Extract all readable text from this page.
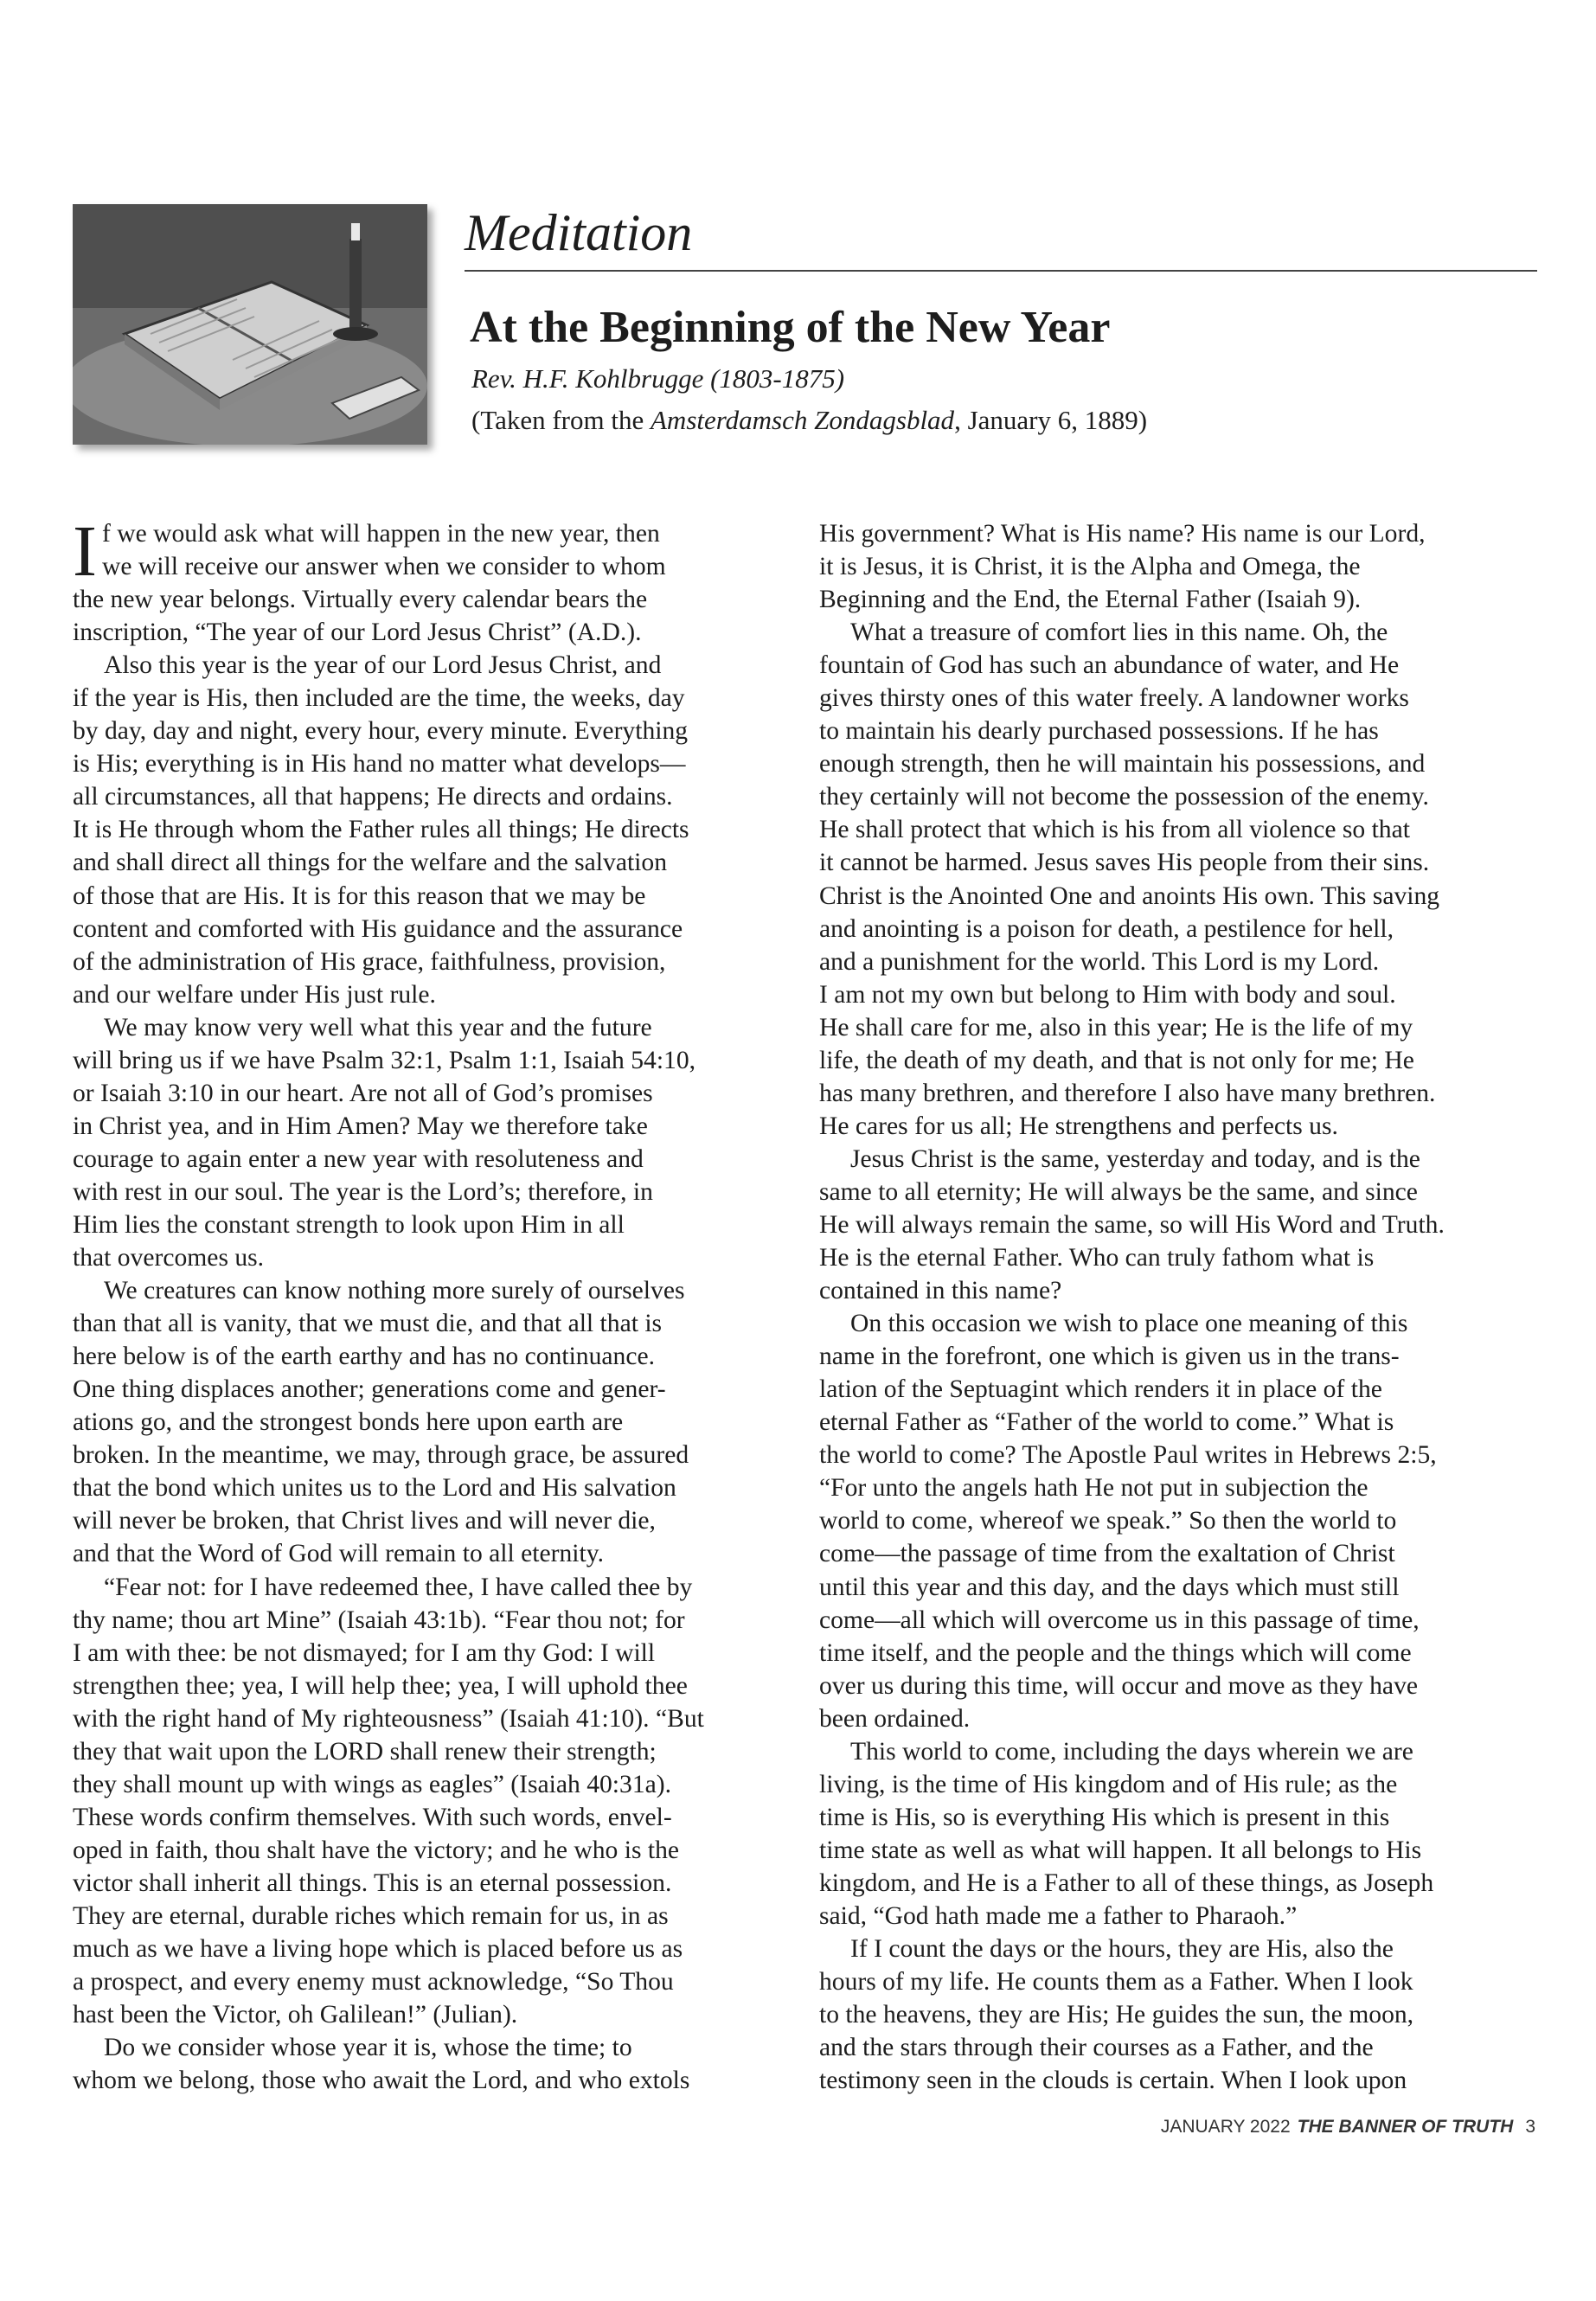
Meditation
At the Beginning of the New Year
Rev. H.F. Kohlbrugge (1803-1875)
(Taken from the Amsterdamsch Zondagsblad, January 6, 1889)

I f we would ask what will happen in the new year, then
we will receive our answer when we consider to whom
the new year belongs. Virtually every calendar bears the
inscription, “The year of our Lord Jesus Christ” (A.D.).

Also this year is the year of our Lord Jesus Christ, and
if the year is His, then included are the time, the weeks, day
by day, day and night, every hour, every minute. Everything
is His; everything is in His hand no matter what develops—
all circumstances, all that happens; He directs and ordains.
It is He through whom the Father rules all things; He directs
and shall direct all things for the welfare and the salvation
of those that are His. It is for this reason that we may be
content and comforted with His guidance and the assurance
of the administration of His grace, faithfulness, provision,
and our welfare under His just rule.

We may know very well what this year and the future
will bring us if we have Psalm 32:1, Psalm 1:1, Isaiah 54:10,
or Isaiah 3:10 in our heart. Are not all of God’s promises
in Christ yea, and in Him Amen? May we therefore take
courage to again enter a new year with resoluteness and
with rest in our soul. The year is the Lord’s; therefore, in
Him lies the constant strength to look upon Him in all
that overcomes us.

We creatures can know nothing more surely of ourselves
than that all is vanity, that we must die, and that all that is
here below is of the earth earthy and has no continuance.
One thing displaces another; generations come and gener-
ations go, and the strongest bonds here upon earth are
broken. In the meantime, we may, through grace, be assured
that the bond which unites us to the Lord and His salvation
will never be broken, that Christ lives and will never die,
and that the Word of God will remain to all eternity.

“Fear not: for I have redeemed thee, I have called thee by
thy name; thou art Mine” (Isaiah 43:1b). “Fear thou not; for
I am with thee: be not dismayed; for I am thy God: I will
strengthen thee; yea, I will help thee; yea, I will uphold thee
with the right hand of My righteousness” (Isaiah 41:10). “But
they that wait upon the LORD shall renew their strength;
they shall mount up with wings as eagles” (Isaiah 40:31a).
These words confirm themselves. With such words, envel-
oped in faith, thou shalt have the victory; and he who is the
victor shall inherit all things. This is an eternal possession.
They are eternal, durable riches which remain for us, in as
much as we have a living hope which is placed before us as
a prospect, and every enemy must acknowledge, “So Thou
hast been the Victor, oh Galilean!” (Julian).

Do we consider whose year it is, whose the time; to
whom we belong, those who await the Lord, and who extols

His government? What is His name? His name is our Lord,
it is Jesus, it is Christ, it is the Alpha and Omega, the
Beginning and the End, the Eternal Father (Isaiah 9).

What a treasure of comfort lies in this name. Oh, the
fountain of God has such an abundance of water, and He
gives thirsty ones of this water freely. A landowner works
to maintain his dearly purchased possessions. If he has
enough strength, then he will maintain his possessions, and
they certainly will not become the possession of the enemy.
He shall protect that which is his from all violence so that
it cannot be harmed. Jesus saves His people from their sins.
Christ is the Anointed One and anoints His own. This saving
and anointing is a poison for death, a pestilence for hell,
and a punishment for the world. This Lord is my Lord.
I am not my own but belong to Him with body and soul.
He shall care for me, also in this year; He is the life of my
life, the death of my death, and that is not only for me; He
has many brethren, and therefore I also have many brethren.
He cares for us all; He strengthens and perfects us.

Jesus Christ is the same, yesterday and today, and is the
same to all eternity; He will always be the same, and since
He will always remain the same, so will His Word and Truth.
He is the eternal Father. Who can truly fathom what is
contained in this name?

On this occasion we wish to place one meaning of this
name in the forefront, one which is given us in the trans-
lation of the Septuagint which renders it in place of the
eternal Father as “Father of the world to come.” What is
the world to come? The Apostle Paul writes in Hebrews 2:5,
“For unto the angels hath He not put in subjection the
world to come, whereof we speak.” So then the world to
come—the passage of time from the exaltation of Christ
until this year and this day, and the days which must still
come—all which will overcome us in this passage of time,
time itself, and the people and the things which will come
over us during this time, will occur and move as they have
been ordained.

This world to come, including the days wherein we are
living, is the time of His kingdom and of His rule; as the
time is His, so is everything His which is present in this
time state as well as what will happen. It all belongs to His
kingdom, and He is a Father to all of these things, as Joseph
said, “God hath made me a father to Pharaoh.”

If I count the days or the hours, they are His, also the
hours of my life. He counts them as a Father. When I look
to the heavens, they are His; He guides the sun, the moon,
and the stars through their courses as a Father, and the
testimony seen in the clouds is certain. When I look upon

JANUARY 2022 THE BANNER OF TRUTH 3
